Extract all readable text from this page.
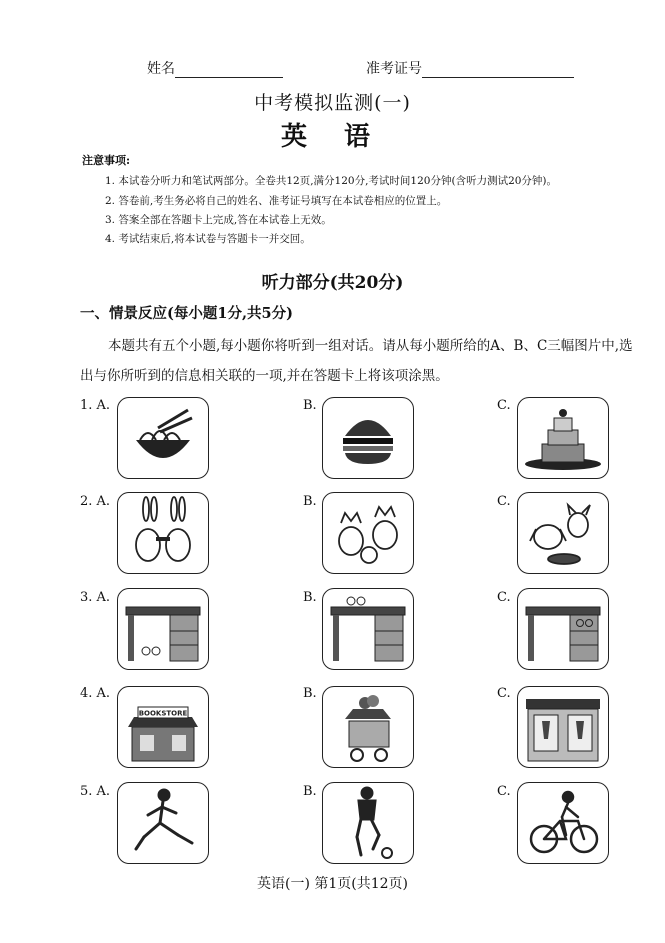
姓名	准考证号
中考模拟监测(一)
英 语
注意事项:
1. 本试卷分听力和笔试两部分。全卷共12页,满分120分,考试时间120分钟(含听力测试20分钟)。
2. 答卷前,考生务必将自己的姓名、准考证号填写在本试卷相应的位置上。
3. 答案全部在答题卡上完成,答在本试卷上无效。
4. 考试结束后,将本试卷与答题卡一并交回。
听力部分(共20分)
一、情景反应(每小题1分,共5分)
本题共有五个小题,每小题你将听到一组对话。请从每小题所给的A、B、C三幅图片中,选
出与你所听到的信息相关联的一项,并在答题卡上将该项涂黑。
1. A.	B.	C.
2. A.	B.	C.
3. A.	B.	C.
4. A.	B.	C.
BOOKSTORE
5. A.	B.	C.
英语(一) 第1页(共12页)
